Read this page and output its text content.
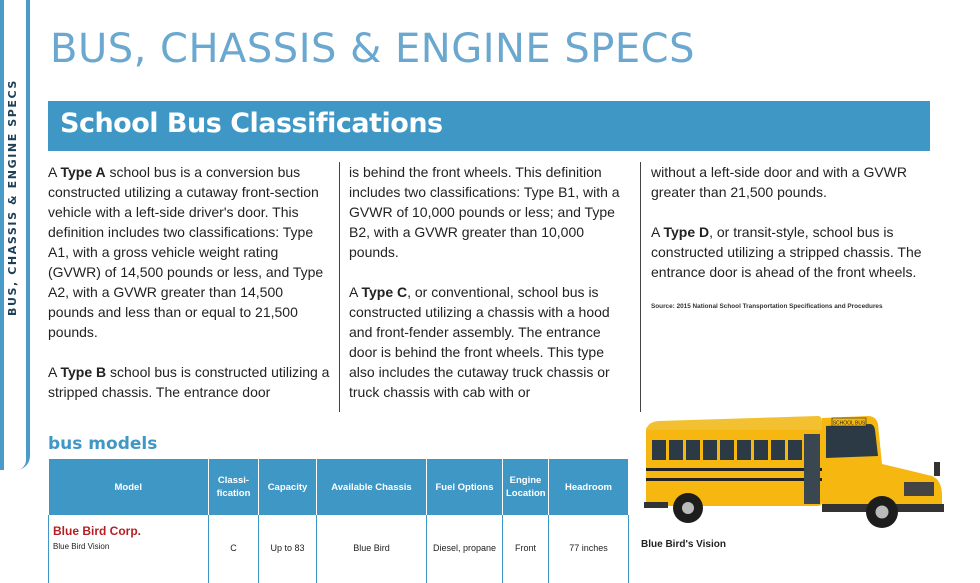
BUS, CHASSIS & ENGINE SPECS
BUS, CHASSIS & ENGINE SPECS
School Bus Classifications

A Type A school bus is a conversion bus constructed utilizing a cutaway front-section vehicle with a left-side driver's door. This definition includes two classifications: Type A1, with a gross vehicle weight rating (GVWR) of 14,500 pounds or less, and Type A2, with a GVWR greater than 14,500 pounds and less than or equal to 21,500 pounds.

A Type B school bus is constructed utilizing a stripped chassis. The entrance door

is behind the front wheels. This definition includes two classifications: Type B1, with a GVWR of 10,000 pounds or less; and Type B2, with a GVWR greater than 10,000 pounds.

A Type C, or conventional, school bus is constructed utilizing a chassis with a hood and front-fender assembly. The entrance door is behind the front wheels. This type also includes the cutaway truck chassis or truck chassis with cab with or

without a left-side door and with a GVWR greater than 21,500 pounds.

A Type D, or transit-style, school bus is constructed utilizing a stripped chassis. The entrance door is ahead of the front wheels.

Source: 2015 National School Transportation Specifications and Procedures
bus models
Model	Classi-fication	Capacity	Available Chassis	Fuel Options	Engine Location	Headroom

Blue Bird Corp.
Blue Bird Vision	C	Up to 83	Blue Bird	Diesel, propane	Front	77 inches
SCHOOL BUS

Blue Bird's Vision
